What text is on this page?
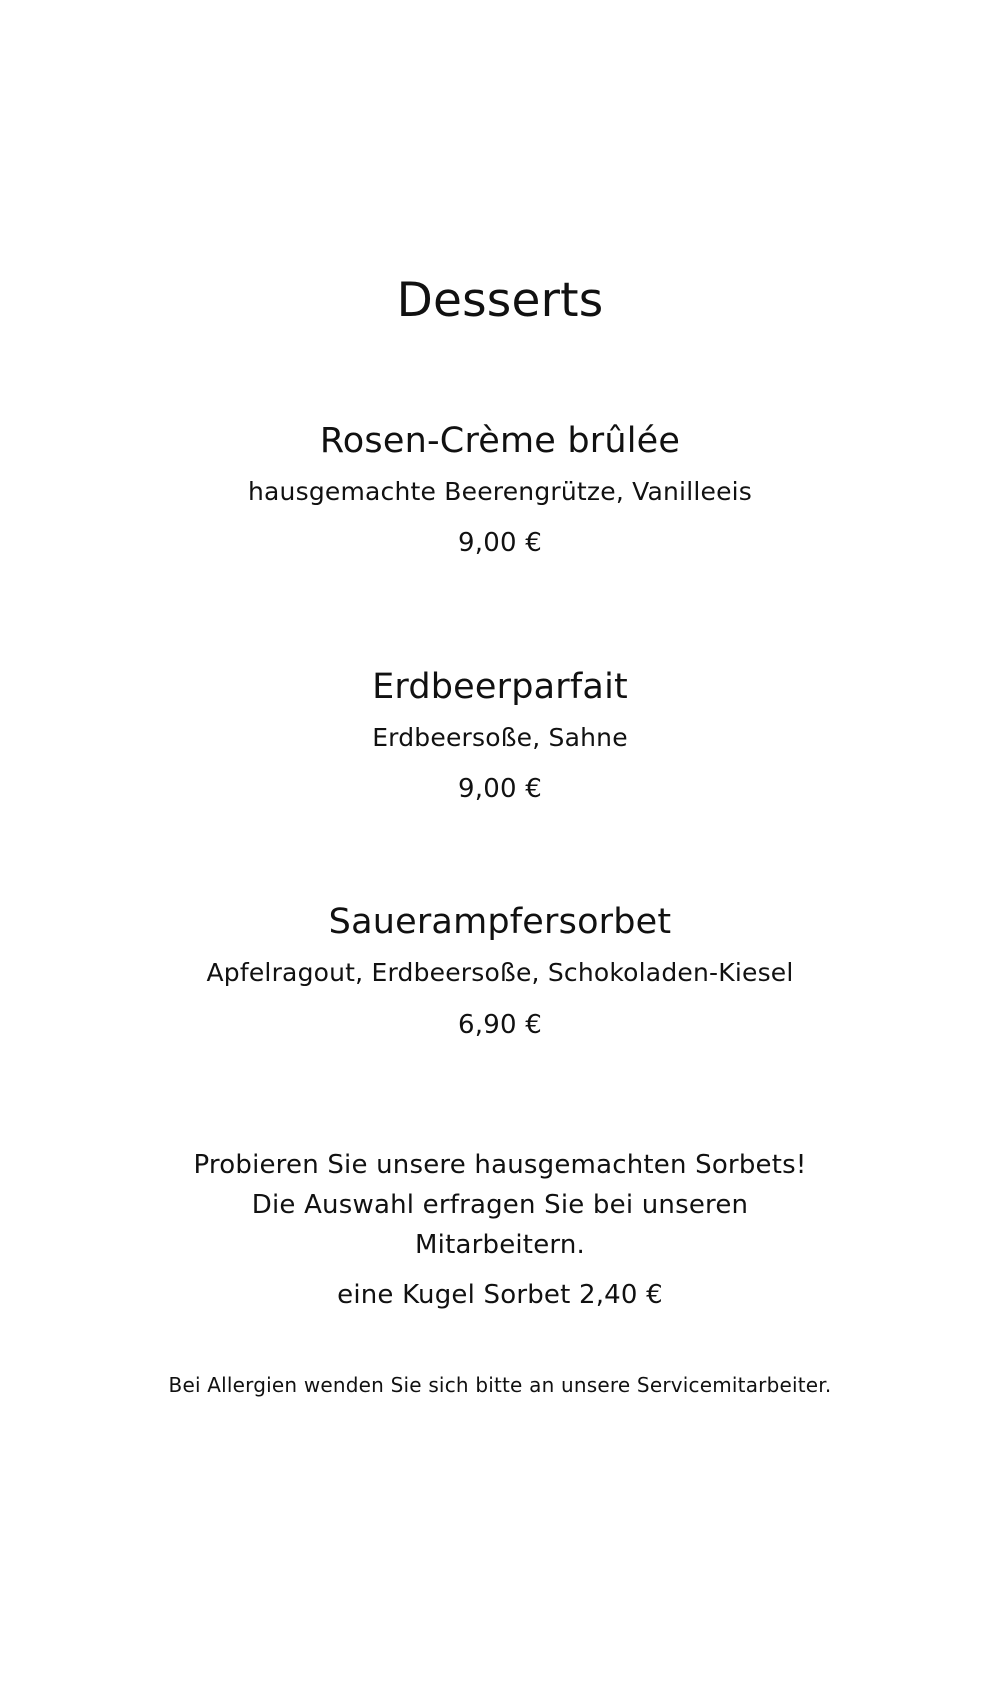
Desserts
Rosen-Crème brûlée

hausgemachte Beerengrütze, Vanilleeis

9,00 €

Erdbeerparfait

Erdbeersoße, Sahne

9,00 €

Sauerampfersorbet

Apfelragout, Erdbeersoße, Schokoladen-Kiesel

6,90 €

Probieren Sie unsere hausgemachten Sorbets!
Die Auswahl erfragen Sie bei unseren
Mitarbeitern.

eine Kugel Sorbet 2,40 €

Bei Allergien wenden Sie sich bitte an unsere Servicemitarbeiter.
